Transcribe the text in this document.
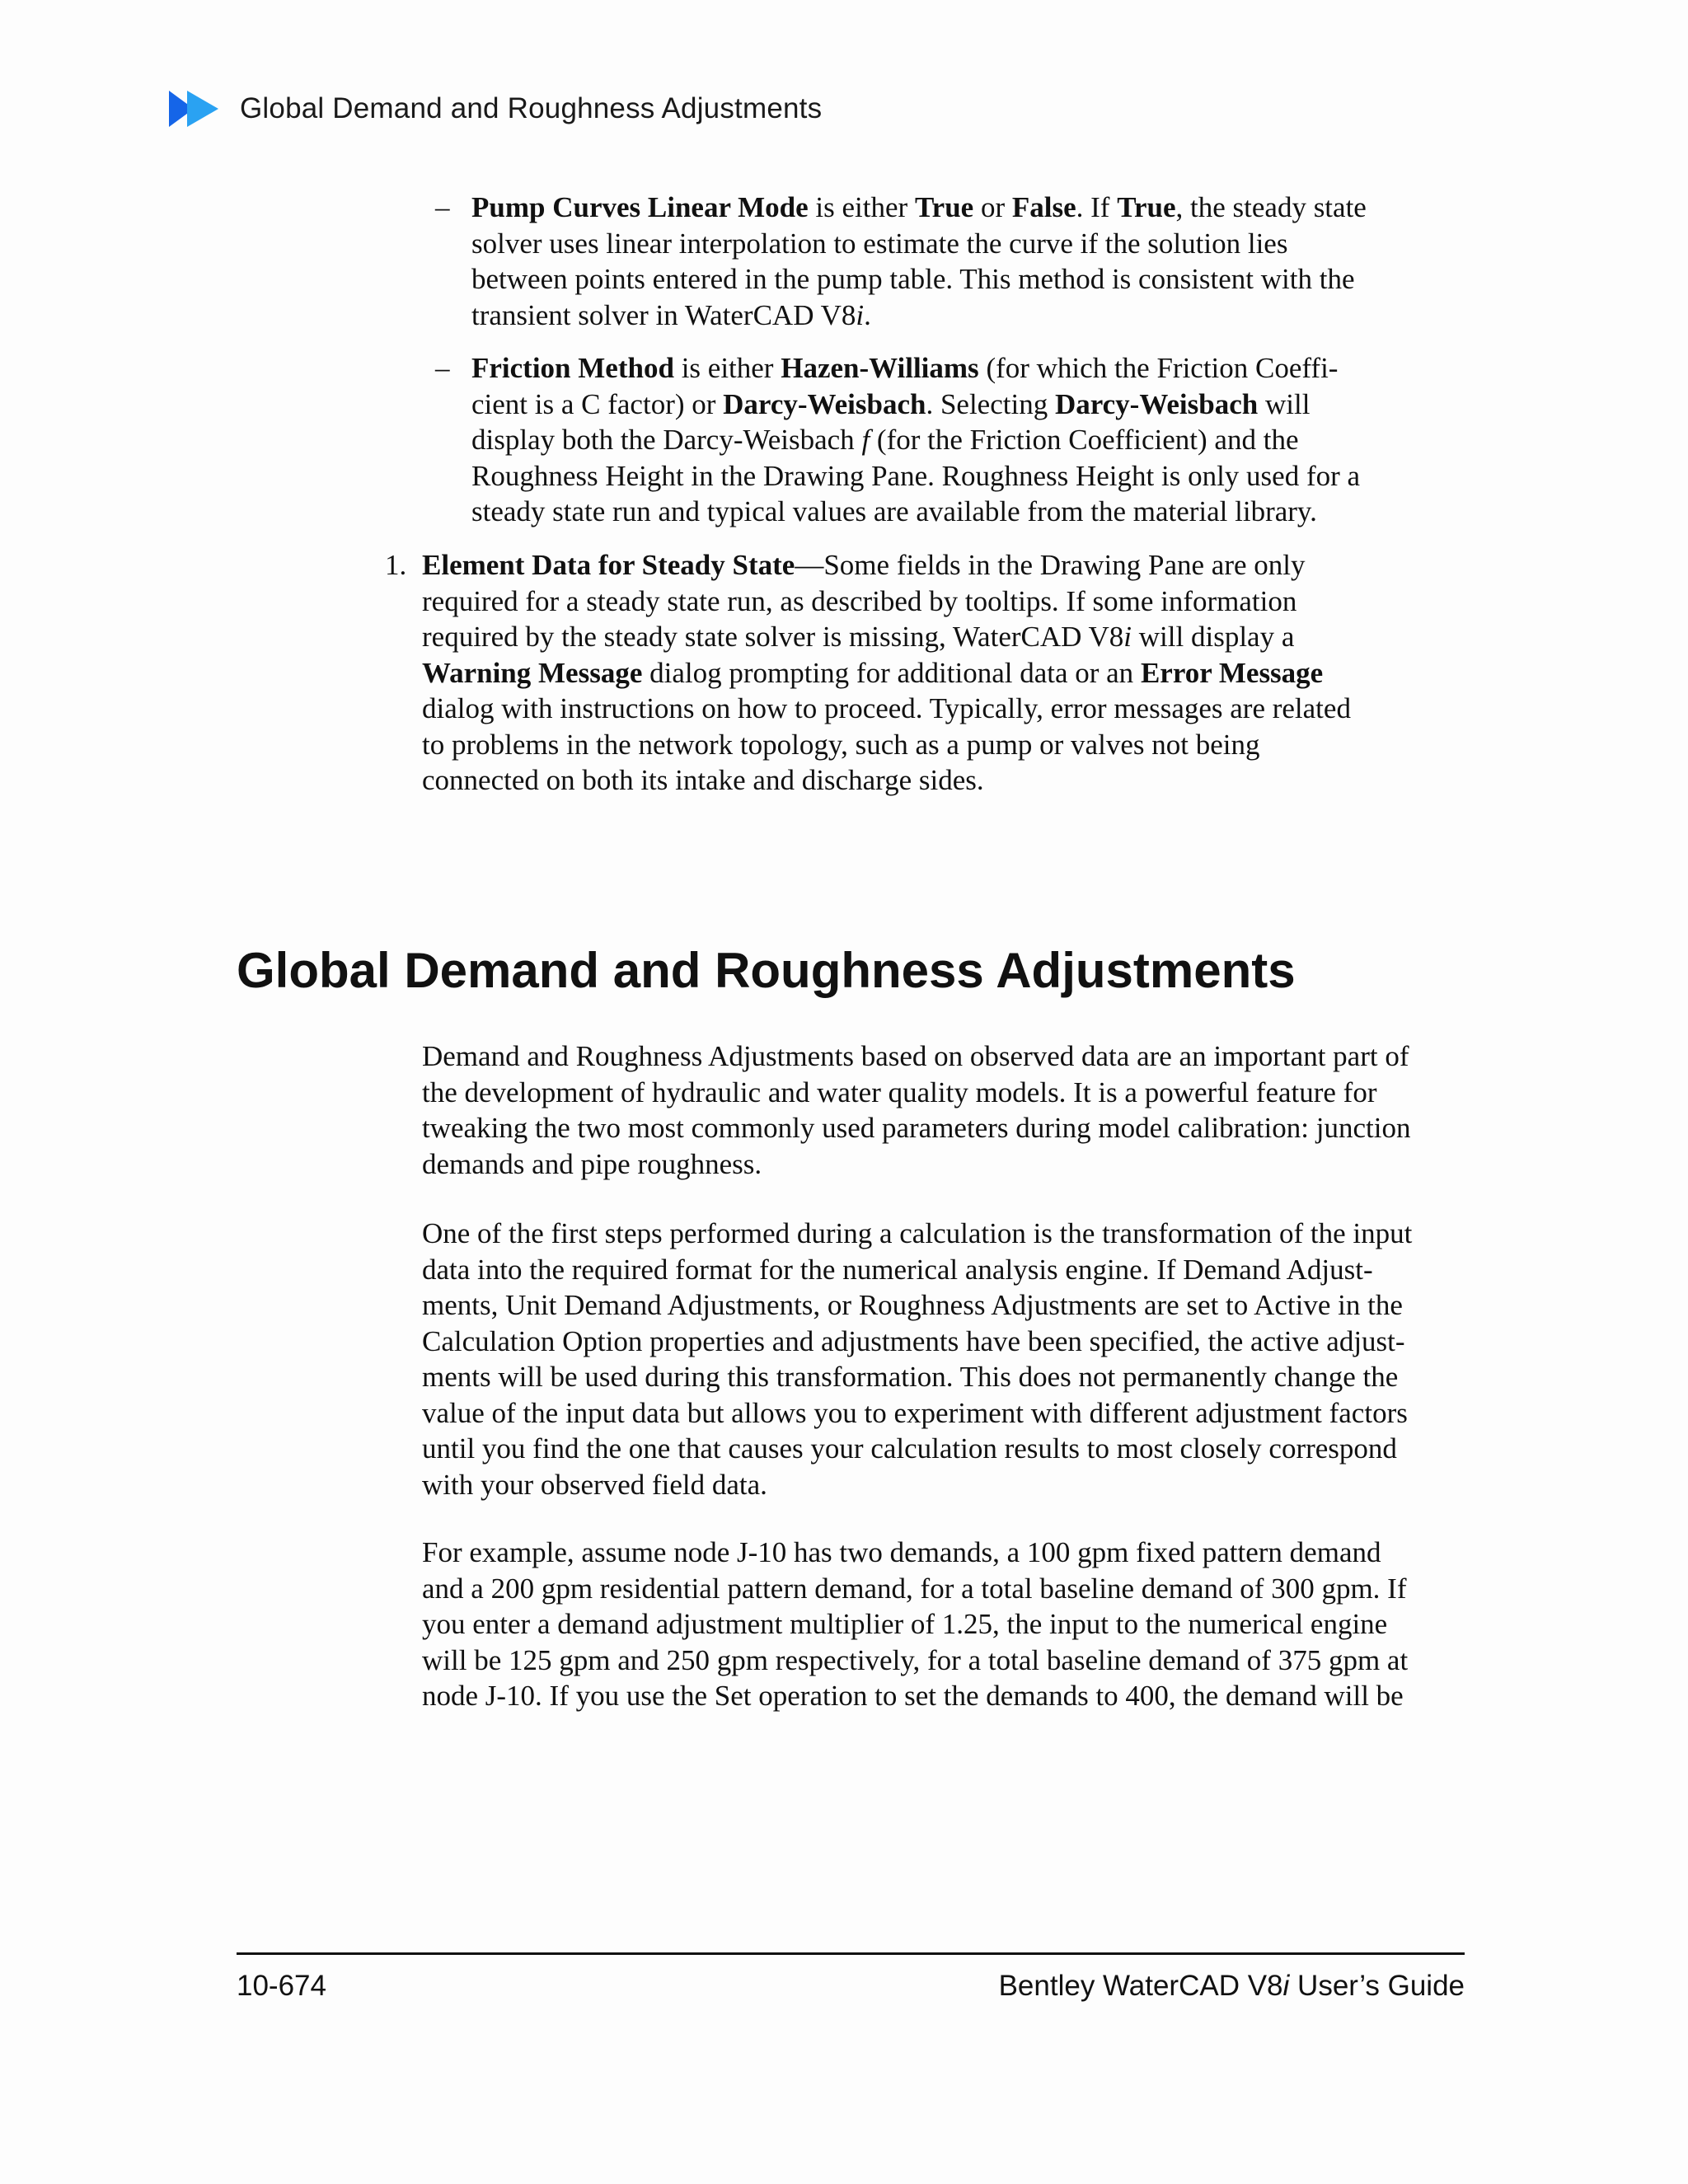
Global Demand and Roughness Adjustments
– Pump Curves Linear Mode is either True or False. If True, the steady state
solver uses linear interpolation to estimate the curve if the solution lies
between points entered in the pump table. This method is consistent with the
transient solver in WaterCAD V8i.
– Friction Method is either Hazen-Williams (for which the Friction Coeffi-
cient is a C factor) or Darcy-Weisbach. Selecting Darcy-Weisbach will
display both the Darcy-Weisbach f (for the Friction Coefficient) and the
Roughness Height in the Drawing Pane. Roughness Height is only used for a
steady state run and typical values are available from the material library.
1. Element Data for Steady State—Some fields in the Drawing Pane are only
required for a steady state run, as described by tooltips. If some information
required by the steady state solver is missing, WaterCAD V8i will display a
Warning Message dialog prompting for additional data or an Error Message
dialog with instructions on how to proceed. Typically, error messages are related
to problems in the network topology, such as a pump or valves not being
connected on both its intake and discharge sides.
Global Demand and Roughness Adjustments

Demand and Roughness Adjustments based on observed data are an important part of
the development of hydraulic and water quality models. It is a powerful feature for
tweaking the two most commonly used parameters during model calibration: junction
demands and pipe roughness.

One of the first steps performed during a calculation is the transformation of the input
data into the required format for the numerical analysis engine. If Demand Adjust-
ments, Unit Demand Adjustments, or Roughness Adjustments are set to Active in the
Calculation Option properties and adjustments have been specified, the active adjust-
ments will be used during this transformation. This does not permanently change the
value of the input data but allows you to experiment with different adjustment factors
until you find the one that causes your calculation results to most closely correspond
with your observed field data.

For example, assume node J-10 has two demands, a 100 gpm fixed pattern demand
and a 200 gpm residential pattern demand, for a total baseline demand of 300 gpm. If
you enter a demand adjustment multiplier of 1.25, the input to the numerical engine
will be 125 gpm and 250 gpm respectively, for a total baseline demand of 375 gpm at
node J-10. If you use the Set operation to set the demands to 400, the demand will be

10-674	Bentley WaterCAD V8i User’s Guide
